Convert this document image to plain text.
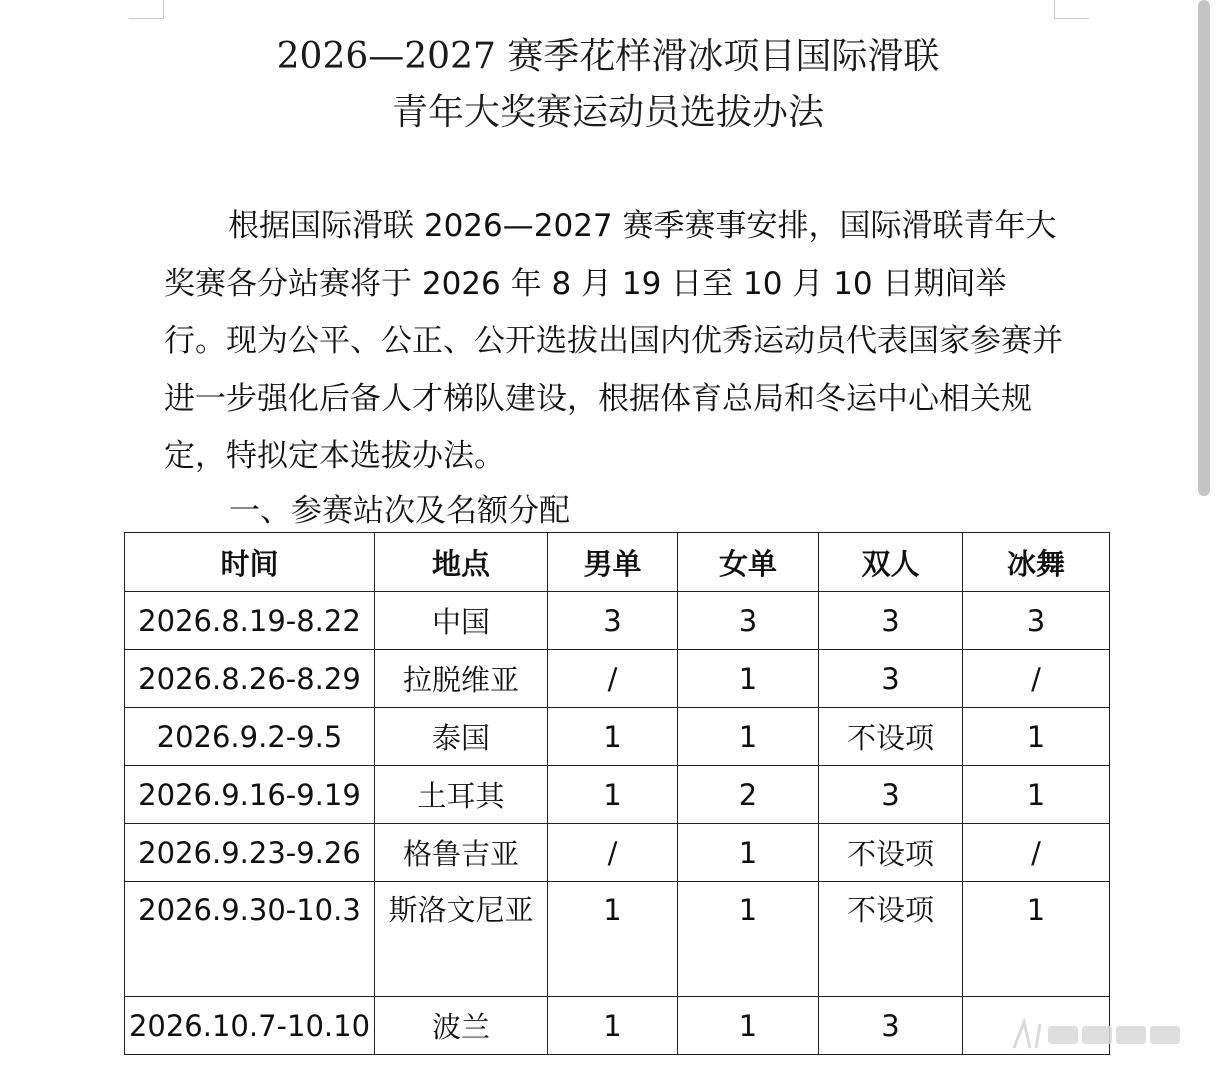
2026—2027 赛季花样滑冰项目国际滑联
青年大奖赛运动员选拔办法
根据国际滑联 2026—2027 赛季赛事安排，国际滑联青年大奖赛各分站赛将于 2026 年 8 月 19 日至 10 月 10 日期间举行。现为公平、公正、公开选拔出国内优秀运动员代表国家参赛并进一步强化后备人才梯队建设，根据体育总局和冬运中心相关规定，特拟定本选拔办法。
一、参赛站次及名额分配
时间	地点	男单	女单	双人	冰舞
2026.8.19-8.22	中国	3	3	3	3
2026.8.26-8.29	拉脱维亚	/	1	3	/
2026.9.2-9.5	泰国	1	1	不设项	1
2026.9.16-9.19	土耳其	1	2	3	1
2026.9.23-9.26	格鲁吉亚	/	1	不设项	/
2026.9.30-10.3	斯洛文尼亚	1	1	不设项	1
2026.10.7-10.10	波兰	1	1	3	
